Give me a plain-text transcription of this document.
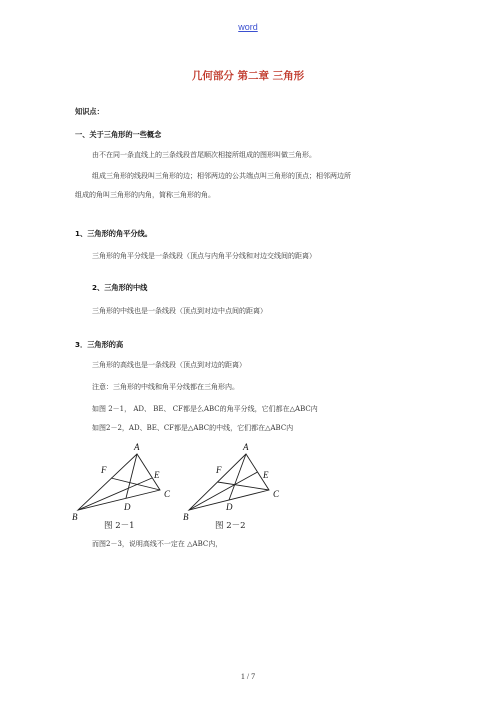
word
几何部分 第二章 三角形
知识点：
一、关于三角形的一些概念
由不在同一条直线上的三条线段首尾顺次相接所组成的图形叫做三角形。
组成三角形的线段叫三角形的边；相邻两边的公共端点叫三角形的顶点；相邻两边所
组成的角叫三角形的内角，简称三角形的角。
1、三角形的角平分线。
三角形的角平分线是一条线段（顶点与内角平分线和对边交线间的距离）
2、三角形的中线
三角形的中线也是一条线段（顶点到对边中点间的距离）
3．三角形的高
三角形的高线也是一条线段（顶点到对边的距离）
注意：三角形的中线和角平分线都在三角形内。
如图 2－1， AD、 BE、 CF都是么ABC的角平分线，它们都在△ABC内
如图2－2，AD、BE、CF都是△ABC的中线，它们都在△ABC内
A
F	E
C
B
D
图 2－1
A
F	E
C
B
D
图 2－2
而图2－3，说明高线不一定在 △ABC内，
1 / 7
